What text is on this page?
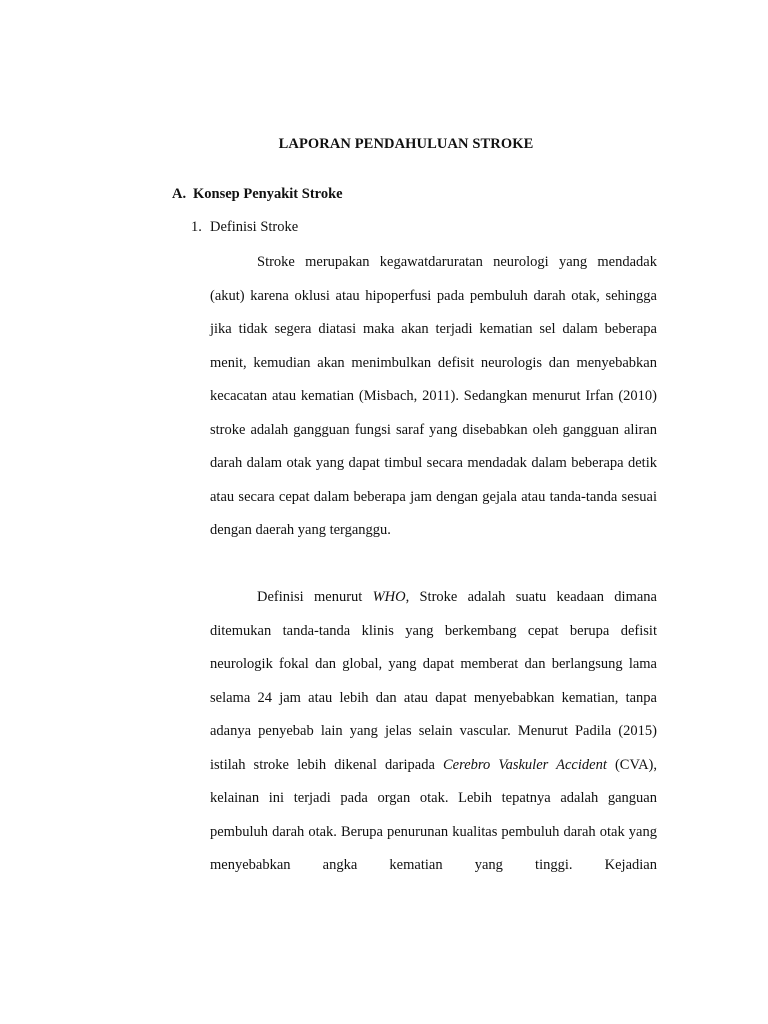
LAPORAN PENDAHULUAN STROKE
A. Konsep Penyakit Stroke
1. Definisi Stroke

Stroke merupakan kegawatdaruratan neurologi yang mendadak (akut) karena oklusi atau hipoperfusi pada pembuluh darah otak, sehingga jika tidak segera diatasi maka akan terjadi kematian sel dalam beberapa menit, kemudian akan menimbulkan defisit neurologis dan menyebabkan kecacatan atau kematian (Misbach, 2011). Sedangkan menurut Irfan (2010) stroke adalah gangguan fungsi saraf yang disebabkan oleh gangguan aliran darah dalam otak yang dapat timbul secara mendadak dalam beberapa detik atau secara cepat dalam beberapa jam dengan gejala atau tanda-tanda sesuai dengan daerah yang terganggu.

Definisi menurut WHO, Stroke adalah suatu keadaan dimana ditemukan tanda-tanda klinis yang berkembang cepat berupa defisit neurologik fokal dan global, yang dapat memberat dan berlangsung lama selama 24 jam atau lebih dan atau dapat menyebabkan kematian, tanpa adanya penyebab lain yang jelas selain vascular. Menurut Padila (2015) istilah stroke lebih dikenal daripada Cerebro Vaskuler Accident (CVA), kelainan ini terjadi pada organ otak. Lebih tepatnya adalah ganguan pembuluh darah otak. Berupa penurunan kualitas pembuluh darah otak yang menyebabkan angka kematian yang tinggi. Kejadian
